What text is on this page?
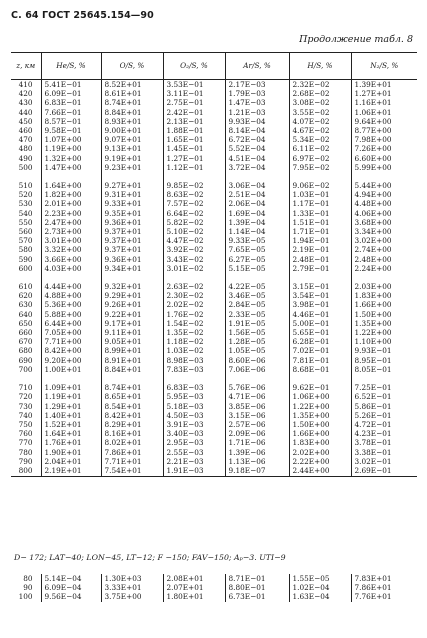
С. 64 ГОСТ 25645.154—90
Продолжение табл. 8
z, км	Hе/S, %	O/S, %	O₂/S, %	Ar/S, %	H/S, %	N₂/S, %
410	5.41E−01	8.52E+01	3.53E−01	2.17E−03	2.32E−02	1.39E+01
420	6.09E−01	8.61E+01	3.11E−01	1.79E−03	2.68E−02	1.27E+01
430	6.83E−01	8.74E+01	2.75E−01	1.47E−03	3.08E−02	1.16E+01
440	7.66E−01	8.84E+01	2.42E−01	1.21E−03	3.55E−02	1.06E+01
450	8.57E−01	8.93E+01	2.13E−01	9.93E−04	4.07E−02	9.64E+00
460	9.58E−01	9.00E+01	1.88E−01	8.14E−04	4.67E−02	8.77E+00
470	1.07E+00	9.07E+01	1.65E−01	6.72E−04	5.34E−02	7.98E+00
480	1.19E+00	9.13E+01	1.45E−01	5.52E−04	6.11E−02	7.26E+00
490	1.32E+00	9.19E+01	1.27E−01	4.51E−04	6.97E−02	6.60E+00
500	1.47E+00	9.23E+01	1.12E−01	3.72E−04	7.95E−02	5.99E+00

510	1.64E+00	9.27E+01	9.85E−02	3.06E−04	9.06E−02	5.44E+00
520	1.82E+00	9.31E+01	8.63E−02	2.51E−04	1.03E−01	4.94E+00
530	2.01E+00	9.33E+01	7.57E−02	2.06E−04	1.17E−01	4.48E+00
540	2.23E+00	9.35E+01	6.64E−02	1.69E−04	1.33E−01	4.06E+00
550	2.47E+00	9.36E+01	5.82E−02	1.39E−04	1.51E−01	3.68E+00
560	2.73E+00	9.37E+01	5.10E−02	1.14E−04	1.71E−01	3.34E+00
570	3.01E+00	9.37E+01	4.47E−02	9.33E−05	1.94E−01	3.02E+00
580	3.32E+00	9.37E+01	3.92E−02	7.65E−05	2.19E−01	2.74E+00
590	3.66E+00	9.36E+01	3.43E−02	6.27E−05	2.48E−01	2.48E+00
600	4.03E+00	9.34E+01	3.01E−02	5.15E−05	2.79E−01	2.24E+00

610	4.44E+00	9.32E+01	2.63E−02	4.22E−05	3.15E−01	2.03E+00
620	4.88E+00	9.29E+01	2.30E−02	3.46E−05	3.54E−01	1.83E+00
630	5.36E+00	9.26E+01	2.02E−02	2.84E−05	3.98E−01	1.66E+00
640	5.88E+00	9.22E+01	1.76E−02	2.33E−05	4.46E−01	1.50E+00
650	6.44E+00	9.17E+01	1.54E−02	1.91E−05	5.00E−01	1.35E+00
660	7.05E+00	9.11E+01	1.35E−02	1.56E−05	5.65E−01	1.22E+00
670	7.71E+00	9.05E+01	1.18E−02	1.28E−05	6.28E−01	1.10E+00
680	8.42E+00	8.99E+01	1.03E−02	1.05E−05	7.02E−01	9.93E−01
690	9.20E+00	8.91E+01	8.98E−03	8.60E−06	7.81E−01	8.95E−01
700	1.00E+01	8.84E+01	7.83E−03	7.06E−06	8.68E−01	8.05E−01

710	1.09E+01	8.74E+01	6.83E−03	5.76E−06	9.62E−01	7.25E−01
720	1.19E+01	8.65E+01	5.95E−03	4.71E−06	1.06E+00	6.52E−01
730	1.29E+01	8.54E+01	5.18E−03	3.85E−06	1.22E+00	5.86E−01
740	1.40E+01	8.42E+01	4.50E−03	3.15E−06	1.35E+00	5.26E−01
750	1.52E+01	8.29E+01	3.91E−03	2.57E−06	1.50E+00	4.72E−01
760	1.64E+01	8.16E+01	3.40E−03	2.09E−06	1.66E+00	4.23E−01
770	1.76E+01	8.02E+01	2.95E−03	1.71E−06	1.83E+00	3.78E−01
780	1.90E+01	7.86E+01	2.55E−03	1.39E−06	2.02E+00	3.38E−01
790	2.04E+01	7.71E+01	2.21E−03	1.13E−06	2.22E+00	3.02E−01
800	2.19E+01	7.54E+01	1.91E−03	9.18E−07	2.44E+00	2.69E−01

D− 172; LAT−40; LON−45, LT−12; F −150; FAV−150; Aₚ−3. UTI−9
80	5.14E−04	1.30E+03	2.08E+01	8.71E−01	1.55E−05	7.83E+01
90	6.09E−04	3.33E+01	2.07E+01	8.80E−01	1.02E−04	7.86E+01
100	9.56E−04	3.75E+00	1.80E+01	6.73E−01	1.63E−04	7.76E+01
